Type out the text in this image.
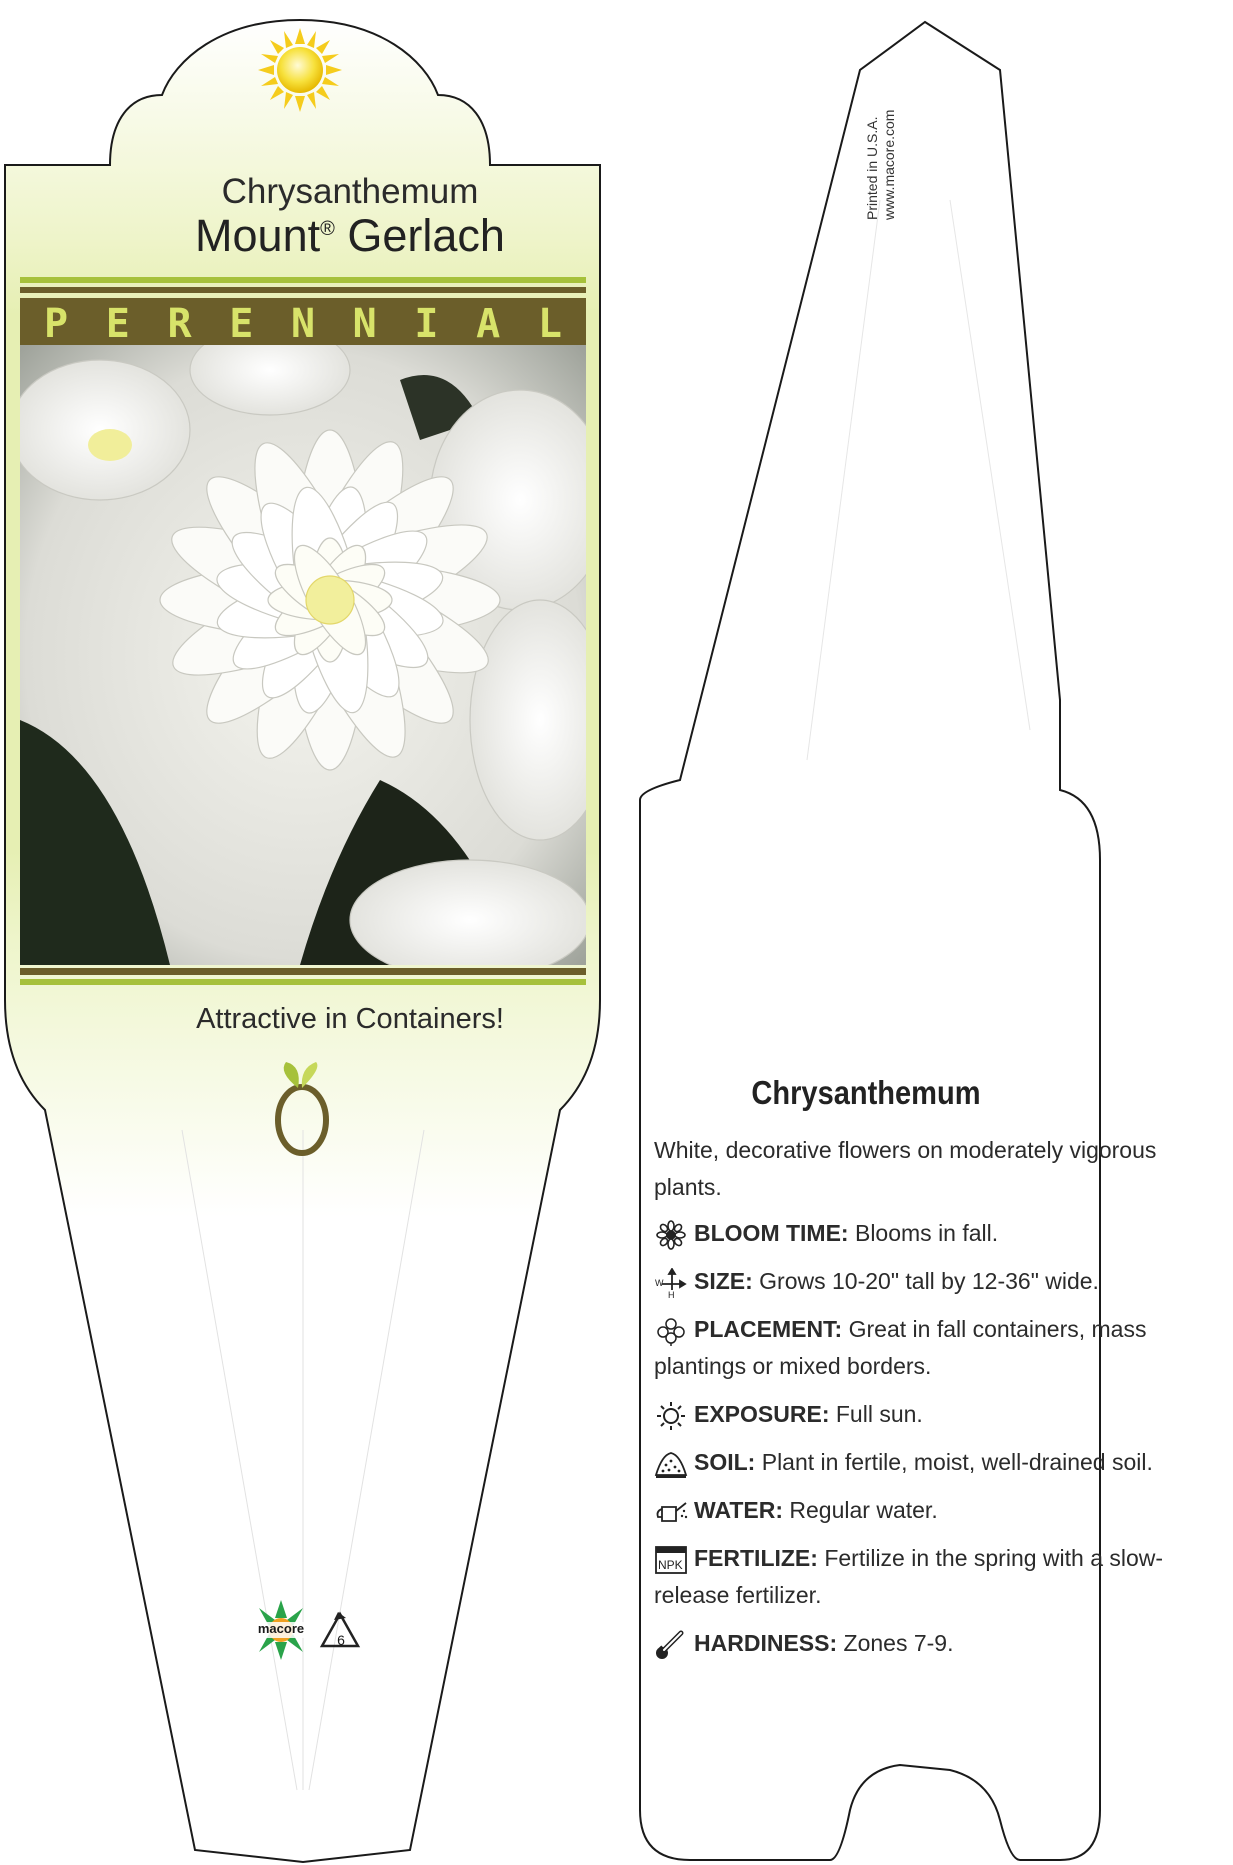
Chrysanthemum
Mount® Gerlach
P E R E N N I A L
Attractive in Containers!
macore
6
Printed in U.S.A. www.macore.com
Chrysanthemum
White, decorative flowers on moderately vigorous plants.
BLOOM TIME: Blooms in fall.
W
H
SIZE: Grows 10-20" tall by 12-36" wide.
PLACEMENT: Great in fall containers, mass plantings or mixed borders.
EXPOSURE: Full sun.
SOIL: Plant in fertile, moist, well-drained soil.
WATER: Regular water.
NPK FERTILIZE: Fertilize in the spring with a slow-release fertilizer.
HARDINESS: Zones 7-9.
